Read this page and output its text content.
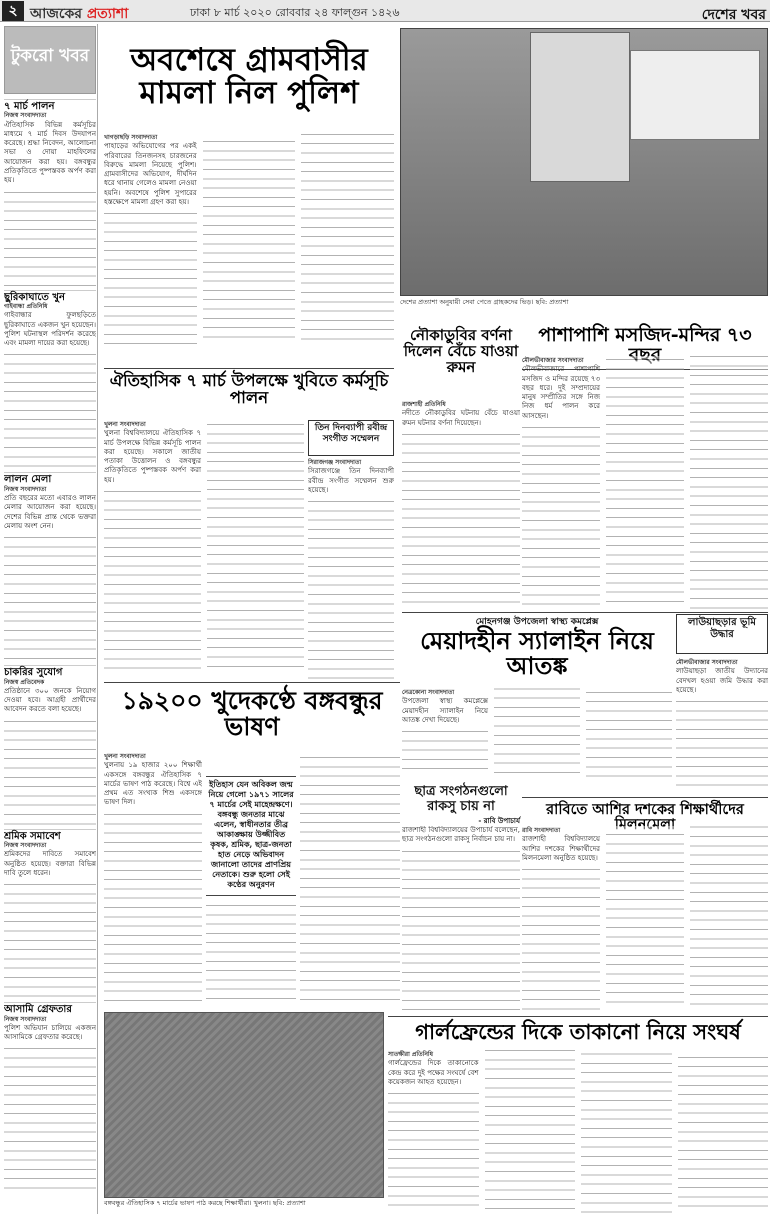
২ আজকের প্রত্যাশা	ঢাকা ৮ মার্চ ২০২০ রোববার ২৪ ফাল্গুন ১৪২৬	দেশের খবর
টুকরো খবর
৭ মার্চ পালন
নিজস্ব সংবাদদাতা

ঐতিহাসিক বিভিন্ন কর্মসূচির মাধ্যমে ৭ মার্চ দিবস উদযাপন করেছে। শ্রদ্ধা নিবেদন, আলোচনা সভা ও দোয়া মাহফিলের আয়োজন করা হয়। বঙ্গবন্ধুর প্রতিকৃতিতে পুষ্পস্তবক অর্পণ করা হয়।

ছুরিকাঘাতে খুন
গাইবান্ধা প্রতিনিধি

গাইবান্ধার ফুলছড়িতে ছুরিকাঘাতে একজন খুন হয়েছেন। পুলিশ ঘটনাস্থল পরিদর্শন করেছে এবং মামলা দায়ের করা হয়েছে।

লালন মেলা
নিজস্ব সংবাদদাতা

প্রতি বছরের মতো এবারও লালন মেলার আয়োজন করা হয়েছে। দেশের বিভিন্ন প্রান্ত থেকে ভক্তরা মেলায় অংশ নেন।

চাকরির সুযোগ
নিজস্ব প্রতিবেদক

প্রতিষ্ঠানে ৩০০ জনকে নিয়োগ দেওয়া হবে। আগ্রহী প্রার্থীদের আবেদন করতে বলা হয়েছে।

শ্রমিক সমাবেশ
নিজস্ব সংবাদদাতা

শ্রমিকদের দাবিতে সমাবেশ অনুষ্ঠিত হয়েছে। বক্তারা বিভিন্ন দাবি তুলে ধরেন।

আসামি গ্রেফতার
নিজস্ব সংবাদদাতা

পুলিশ অভিযান চালিয়ে একজন আসামিকে গ্রেফতার করেছে।

অবশেষে গ্রামবাসীর মামলা নিল পুলিশ
খাগড়াছড়ি সংবাদদাতা

পাহাড়ের অভিযোগের পর একই পরিবারের তিনজনসহ চারজনের বিরুদ্ধে মামলা নিয়েছে পুলিশ। গ্রামবাসীদের অভিযোগ, দীর্ঘদিন ধরে থানায় গেলেও মামলা নেওয়া হয়নি। অবশেষে পুলিশ সুপারের হস্তক্ষেপে মামলা গ্রহণ করা হয়।

দেশের প্রত্যাশা অনুযায়ী সেবা পেতে গ্রাহকদের ভিড়। ছবি: প্রত্যাশা
ঐতিহাসিক ৭ মার্চ উপলক্ষে খুবিতে কর্মসূচি পালন
খুলনা সংবাদদাতা

খুলনা বিশ্ববিদ্যালয়ে ঐতিহাসিক ৭ মার্চ উপলক্ষে বিভিন্ন কর্মসূচি পালন করা হয়েছে। সকালে জাতীয় পতাকা উত্তোলন ও বঙ্গবন্ধুর প্রতিকৃতিতে পুষ্পস্তবক অর্পণ করা হয়।

তিন দিনব্যাপী রবীন্দ্র সংগীত সম্মেলন
সিরাজগঞ্জ সংবাদদাতা

সিরাজগঞ্জে তিন দিনব্যাপী রবীন্দ্র সংগীত সম্মেলন শুরু হয়েছে।

নৌকাডুবির বর্ণনা দিলেন বেঁচে যাওয়া রুমন
রাজশাহী প্রতিনিধি

নদীতে নৌকাডুবির ঘটনায় বেঁচে যাওয়া রুমন ঘটনার বর্ণনা দিয়েছেন।

পাশাপাশি মসজিদ-মন্দির ৭৩ বছর
মৌলভীবাজার সংবাদদাতা

মৌলভীবাজারে পাশাপাশি মসজিদ ও মন্দির রয়েছে ৭৩ বছর ধরে। দুই সম্প্রদায়ের মানুষ সম্প্রীতির সঙ্গে নিজ নিজ ধর্ম পালন করে আসছেন।

মোহনগঞ্জ উপজেলা স্বাস্থ্য কমপ্লেক্স
মেয়াদহীন স্যালাইন নিয়ে আতঙ্ক
নেত্রকোনা সংবাদদাতা

উপজেলা স্বাস্থ্য কমপ্লেক্সে মেয়াদহীন স্যালাইন নিয়ে আতঙ্ক দেখা দিয়েছে।

লাউয়াছড়ার ভূমি উদ্ধার
মৌলভীবাজার সংবাদদাতা

লাউয়াছড়া জাতীয় উদ্যানের বেদখল হওয়া জমি উদ্ধার করা হয়েছে।

১৯২০০ খুদেকণ্ঠে বঙ্গবন্ধুর ভাষণ
খুলনা সংবাদদাতা

খুলনায় ১৯ হাজার ২০০ শিক্ষার্থী একসঙ্গে বঙ্গবন্ধুর ঐতিহাসিক ৭ মার্চের ভাষণ পাঠ করেছে। বিশ্বে এই প্রথম এত সংখ্যক শিশু একসঙ্গে ভাষণ দিল।

ইতিহাস যেন অবিকল জন্ম নিয়ে গেলো ১৯৭১ সালের ৭ মার্চের সেই মাহেন্দ্রক্ষণে। বঙ্গবন্ধু জনতার মাঝে এলেন, স্বাধীনতার তীব্র আকাঙ্ক্ষায় উজ্জীবিত কৃষক, শ্রমিক, ছাত্র-জনতা হাত নেড়ে অভিবাদন জানালো তাদের প্রাণপ্রিয় নেতাকে। শুরু হলো সেই কণ্ঠের অনুরণন
ছাত্র সংগঠনগুলো রাকসু চায় না
- রাবি উপাচার্য

রাজশাহী বিশ্ববিদ্যালয়ের উপাচার্য বলেছেন, ছাত্র সংগঠনগুলো রাকসু নির্বাচন চায় না।

রাবিতে আশির দশকের শিক্ষার্থীদের মিলনমেলা
রাবি সংবাদদাতা

রাজশাহী বিশ্ববিদ্যালয়ে আশির দশকের শিক্ষার্থীদের মিলনমেলা অনুষ্ঠিত হয়েছে।

বঙ্গবন্ধুর ঐতিহাসিক ৭ মার্চের ভাষণ পাঠ করছে শিক্ষার্থীরা। খুলনা। ছবি: প্রত্যাশা
গার্লফ্রেন্ডের দিকে তাকানো নিয়ে সংঘর্ষ
সাতক্ষীরা প্রতিনিধি

গার্লফ্রেন্ডের দিকে তাকানোকে কেন্দ্র করে দুই পক্ষের সংঘর্ষে বেশ কয়েকজন আহত হয়েছেন।
